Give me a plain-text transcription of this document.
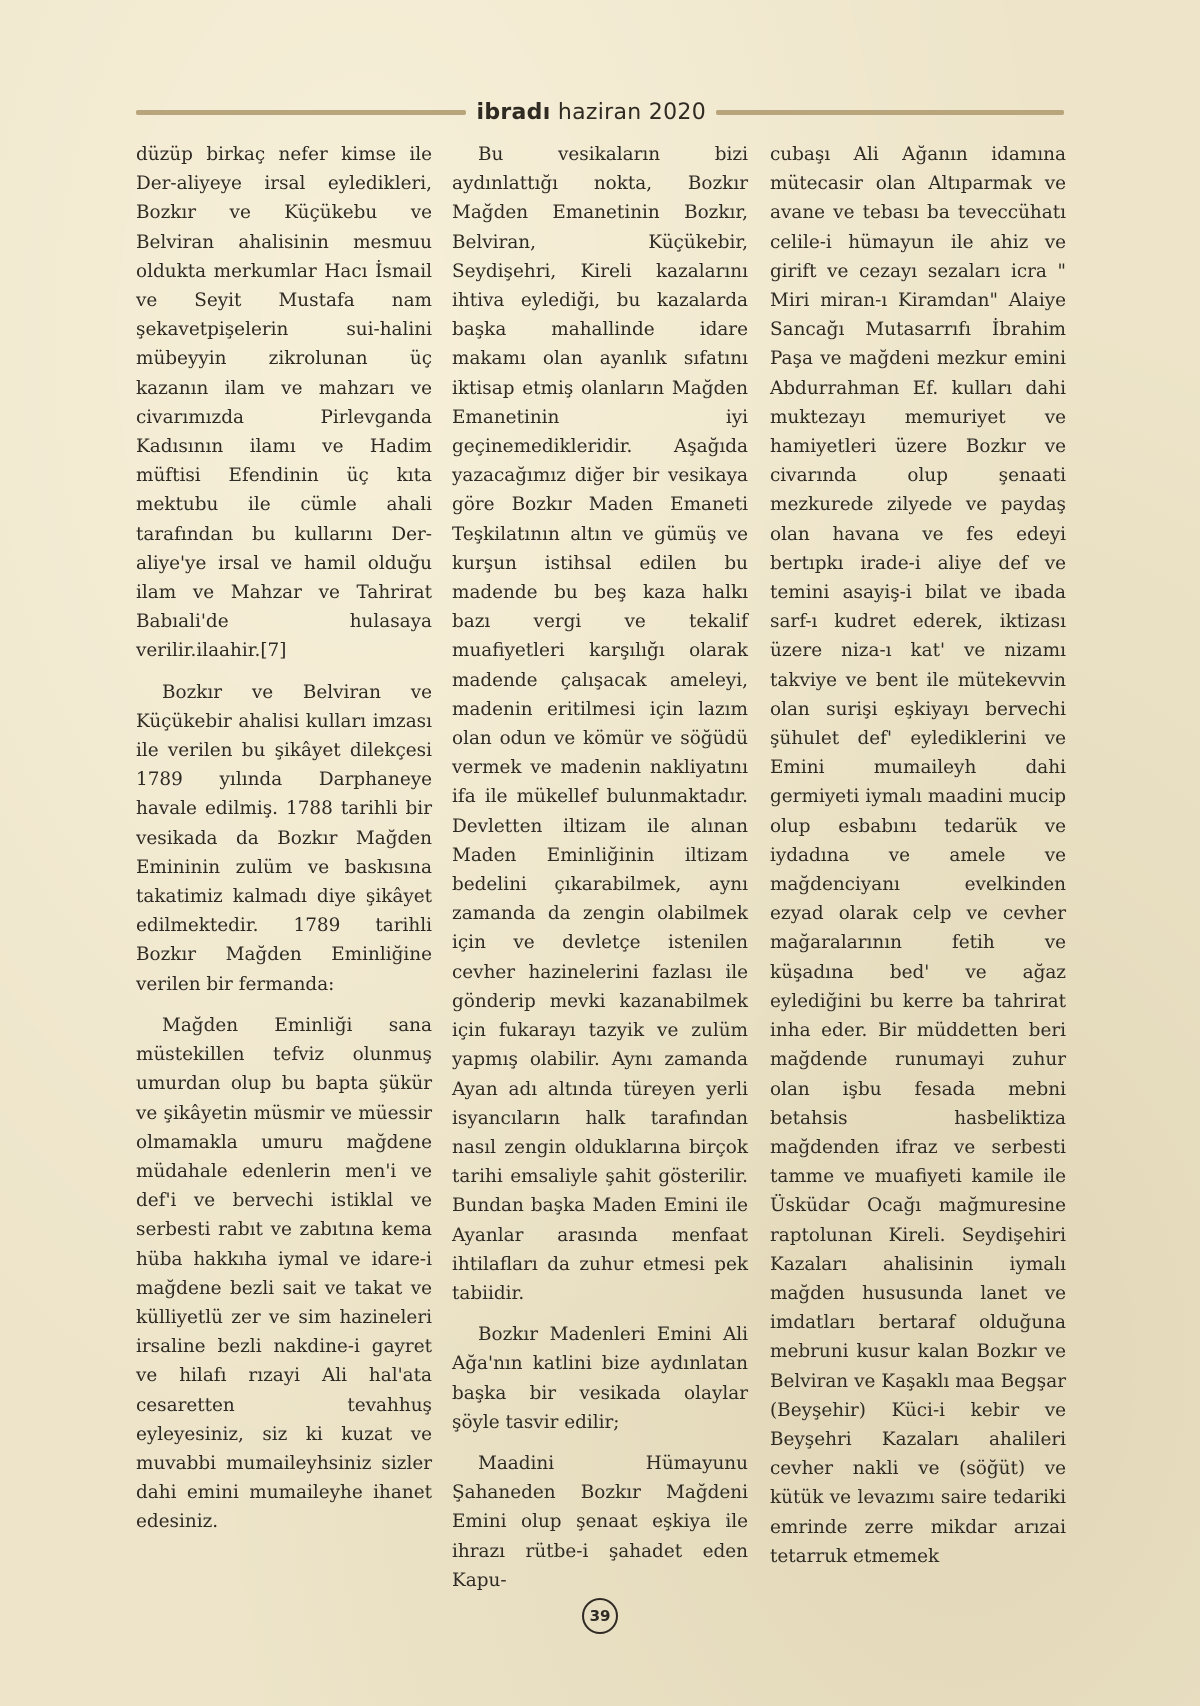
ibradı haziran 2020

düzüp birkaç nefer kimse ile Der-aliyeye irsal eyledikleri, Bozkır ve Küçükebu ve Belviran ahalisinin mesmuu oldukta merkumlar Hacı İsmail ve Seyit Mustafa nam şekavetpişelerin sui-halini mübeyyin zikrolunan üç kazanın ilam ve mahzarı ve civarımızda Pirlevganda Kadısının ilamı ve Hadim müftisi Efendinin üç kıta mektubu ile cümle ahali tarafından bu kullarını Der-aliye'ye irsal ve hamil olduğu ilam ve Mahzar ve Tahrirat Babıali'de hulasaya verilir.ilaahir.[7]

Bozkır ve Belviran ve Küçükebir ahalisi kulları imzası ile verilen bu şikâyet dilekçesi 1789 yılında Darphaneye havale edilmiş. 1788 tarihli bir vesikada da Bozkır Mağden Emininin zulüm ve baskısına takatimiz kalmadı diye şikâyet edilmektedir. 1789 tarihli Bozkır Mağden Eminliğine verilen bir fermanda:

Mağden Eminliği sana müstekillen tefviz olunmuş umurdan olup bu bapta şükür ve şikâyetin müsmir ve müessir olmamakla umuru mağdene müdahale edenlerin men'i ve def'i ve bervechi istiklal ve serbesti rabıt ve zabıtına kema hüba hakkıha iymal ve idare-i mağdene bezli sait ve takat ve külliyetlü zer ve sim hazineleri irsaline bezli nakdine-i gayret ve hilafı rızayi Ali hal'ata cesaretten tevahhuş eyleyesiniz, siz ki kuzat ve muvabbi mumaileyhsiniz sizler dahi emini mumaileyhe ihanet edesiniz.

Bu vesikaların bizi aydınlattığı nokta, Bozkır Mağden Emanetinin Bozkır, Belviran, Küçükebir, Seydişehri, Kireli kazalarını ihtiva eylediği, bu kazalarda başka mahallinde idare makamı olan ayanlık sıfatını iktisap etmiş olanların Mağden Emanetinin iyi geçinemedikleridir. Aşağıda yazacağımız diğer bir vesikaya göre Bozkır Maden Emaneti Teşkilatının altın ve gümüş ve kurşun istihsal edilen bu madende bu beş kaza halkı bazı vergi ve tekalif muafiyetleri karşılığı olarak madende çalışacak ameleyi, madenin eritilmesi için lazım olan odun ve kömür ve söğüdü vermek ve madenin nakliyatını ifa ile mükellef bulunmaktadır. Devletten iltizam ile alınan Maden Eminliğinin iltizam bedelini çıkarabilmek, aynı zamanda da zengin olabilmek için ve devletçe istenilen cevher hazinelerini fazlası ile gönderip mevki kazanabilmek için fukarayı tazyik ve zulüm yapmış olabilir. Aynı zamanda Ayan adı altında türeyen yerli isyancıların halk tarafından nasıl zengin olduklarına birçok tarihi emsaliyle şahit gösterilir. Bundan başka Maden Emini ile Ayanlar arasında menfaat ihtilafları da zuhur etmesi pek tabiidir.

Bozkır Madenleri Emini Ali Ağa'nın katlini bize aydınlatan başka bir vesikada olaylar şöyle tasvir edilir;

Maadini Hümayunu Şahaneden Bozkır Mağdeni Emini olup şenaat eşkiya ile ihrazı rütbe-i şahadet eden Kapu-

cubaşı Ali Ağanın idamına mütecasir olan Altıparmak ve avane ve tebası ba teveccühatı celile-i hümayun ile ahiz ve girift ve cezayı sezaları icra " Miri miran-ı Kiramdan" Alaiye Sancağı Mutasarrıfı İbrahim Paşa ve mağdeni mezkur emini Abdurrahman Ef. kulları dahi muktezayı memuriyet ve hamiyetleri üzere Bozkır ve civarında olup şenaati mezkurede zilyede ve paydaş olan havana ve fes edeyi bertıpkı irade-i aliye def ve temini asayiş-i bilat ve ibada sarf-ı kudret ederek, iktizası üzere niza-ı kat' ve nizamı takviye ve bent ile mütekevvin olan surişi eşkiyayı bervechi şühulet def' eylediklerini ve Emini mumaileyh dahi germiyeti iymalı maadini mucip olup esbabını tedarük ve iydadına ve amele ve mağdenciyanı evelkinden ezyad olarak celp ve cevher mağaralarının fetih ve küşadına bed' ve ağaz eylediğini bu kerre ba tahrirat inha eder. Bir müddetten beri mağdende runumayi zuhur olan işbu fesada mebni betahsis hasbeliktiza mağdenden ifraz ve serbesti tamme ve muafiyeti kamile ile Üsküdar Ocağı mağmuresine raptolunan Kireli. Seydişehiri Kazaları ahalisinin iymalı mağden hususunda lanet ve imdatları bertaraf olduğuna mebruni kusur kalan Bozkır ve Belviran ve Kaşaklı maa Begşar (Beyşehir) Küci-i kebir ve Beyşehri Kazaları ahalileri cevher nakli ve (söğüt) ve kütük ve levazımı saire tedariki emrinde zerre mikdar arızai tetarruk etmemek

39
